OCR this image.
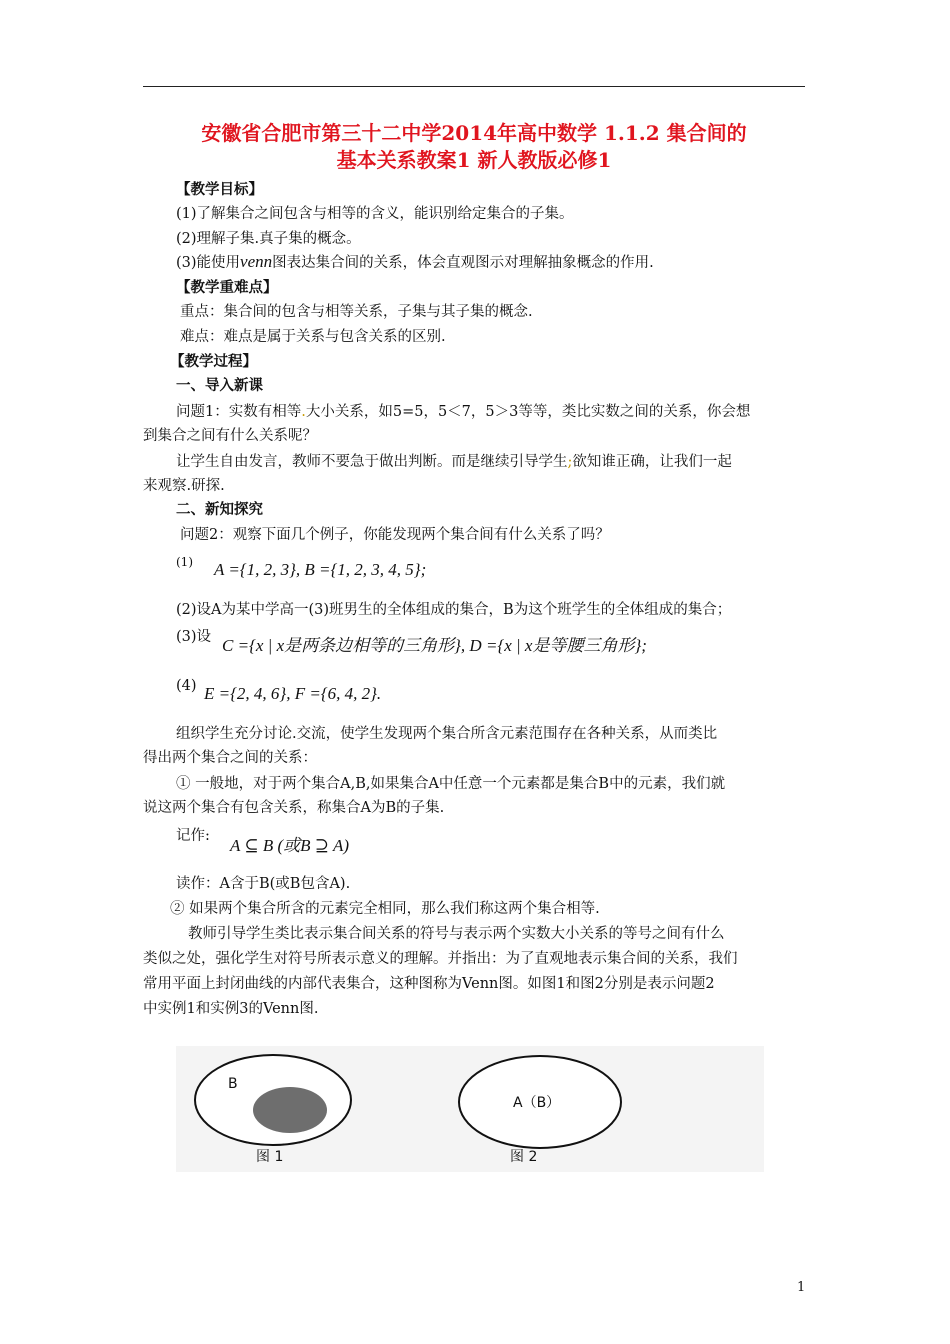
安徽省合肥市第三十二中学2014年高中数学 1.1.2 集合间的
基本关系教案1 新人教版必修1
【教学目标】
(1)了解集合之间包含与相等的含义，能识别给定集合的子集。
(2)理解子集.真子集的概念。
(3)能使用venn图表达集合间的关系，体会直观图示对理解抽象概念的作用.
【教学重难点】
重点：集合间的包含与相等关系，子集与其子集的概念.
难点：难点是属于关系与包含关系的区别.
【教学过程】
一、导入新课
问题1：实数有相等.大小关系，如5=5，5＜7，5＞3等等，类比实数之间的关系，你会想
到集合之间有什么关系呢？
让学生自由发言，教师不要急于做出判断。而是继续引导学生;欲知谁正确，让我们一起
来观察.研探.
二、新知探究
问题2：观察下面几个例子，你能发现两个集合间有什么关系了吗？
(1) A ={1, 2, 3}, B ={1, 2, 3, 4, 5};
(2)设A为某中学高一(3)班男生的全体组成的集合，B为这个班学生的全体组成的集合；
(3)设 C ={x | x是两条边相等的三角形}, D ={x | x是等腰三角形};
(4) E ={2, 4, 6}, F ={6, 4, 2}.
组织学生充分讨论.交流，使学生发现两个集合所含元素范围存在各种关系，从而类比
得出两个集合之间的关系：
① 一般地，对于两个集合A,B,如果集合A中任意一个元素都是集合B中的元素，我们就
说这两个集合有包含关系，称集合A为B的子集.
记作: A ⊆ B (或B ⊇ A)
读作：A含于B(或B包含A).
② 如果两个集合所含的元素完全相同，那么我们称这两个集合相等.
教师引导学生类比表示集合间关系的符号与表示两个实数大小关系的等号之间有什么
类似之处，强化学生对符号所表示意义的理解。并指出：为了直观地表示集合间的关系，我们
常用平面上封闭曲线的内部代表集合，这种图称为Venn图。如图1和图2分别是表示问题2
中实例1和实例3的Venn图.
B
图 1
A（B）
图 2
1
